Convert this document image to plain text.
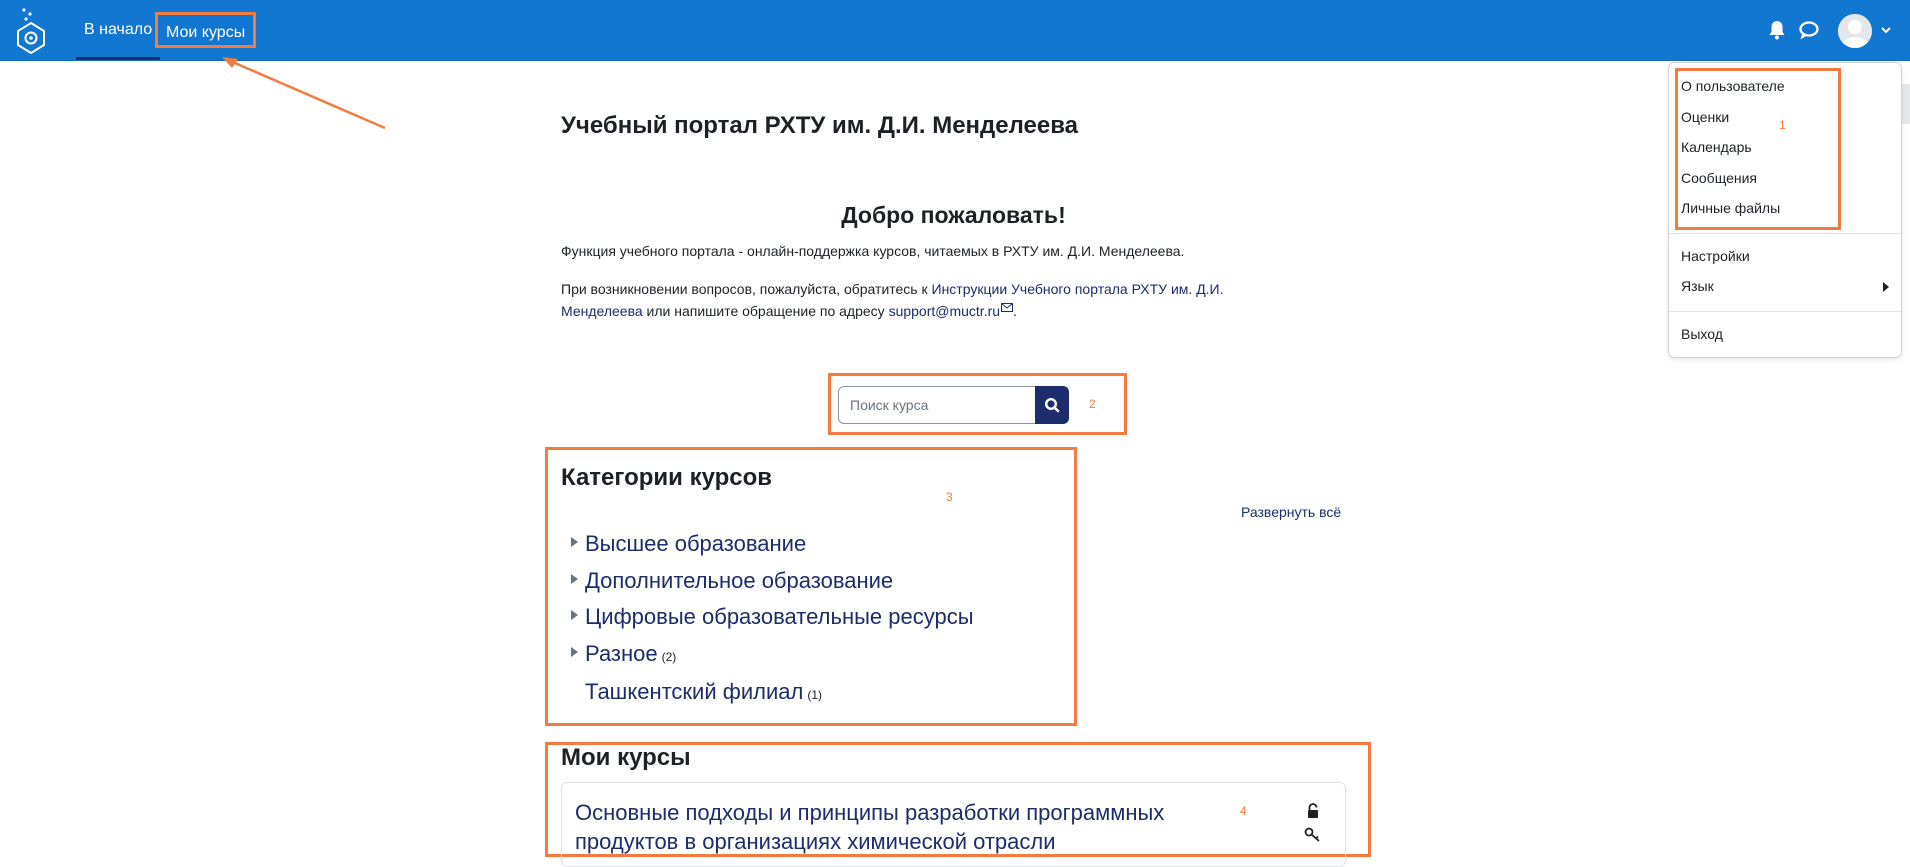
В начало Мои курсы
Учебный портал РХТУ им. Д.И. Менделеева
Добро пожаловать!
Функция учебного портала - онлайн-поддержка курсов, читаемых в РХТУ им. Д.И. Менделеева.
При возникновении вопросов, пожалуйста, обратитесь к Инструкции Учебного портала РХТУ им. Д.И. Менделеева или напишите обращение по адресу support@muctr.ru .
2
Поиск курса
3
Категории курсов
Развернуть всё
Высшее образование
Дополнительное образование
Цифровые образовательные ресурсы
Разное (2)
Ташкентский филиал (1)
4
Мои курсы
Основные подходы и принципы разработки программных продуктов в организациях химической отрасли
1
О пользователе
Оценки
Календарь
Сообщения
Личные файлы
Настройки
Язык
Выход
